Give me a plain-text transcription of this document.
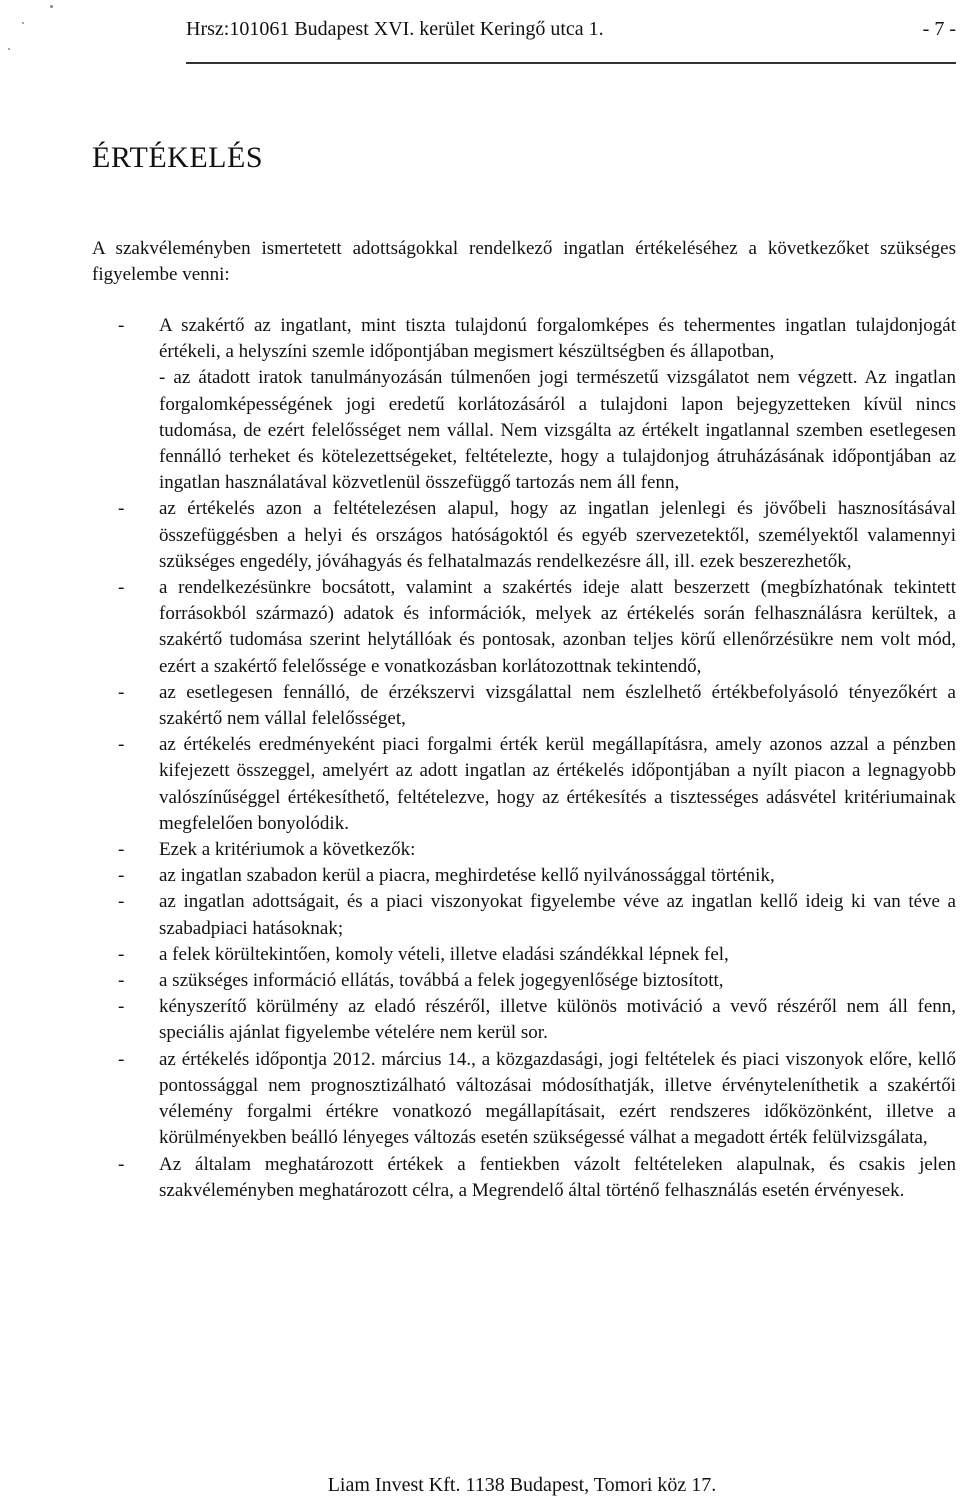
Hrsz:101061 Budapest XVI. kerület Keringő utca 1.	- 7 -
ÉRTÉKELÉS

A szakvéleményben ismertetett adottságokkal rendelkező ingatlan értékeléséhez a következőket szükséges figyelembe venni:

- A szakértő az ingatlant, mint tiszta tulajdonú forgalomképes és tehermentes ingatlan tulajdonjogát értékeli, a helyszíni szemle időpontjában megismert készültségben és állapotban,
- az átadott iratok tanulmányozásán túlmenően jogi természetű vizsgálatot nem végzett. Az ingatlan forgalomképességének jogi eredetű korlátozásáról a tulajdoni lapon bejegyzetteken kívül nincs tudomása, de ezért felelősséget nem vállal. Nem vizsgálta az értékelt ingatlannal szemben esetlegesen fennálló terheket és kötelezettségeket, feltételezte, hogy a tulajdonjog átruházásának időpontjában az ingatlan használatával közvetlenül összefüggő tartozás nem áll fenn,
- az értékelés azon a feltételezésen alapul, hogy az ingatlan jelenlegi és jövőbeli hasznosításával összefüggésben a helyi és országos hatóságoktól és egyéb szervezetektől, személyektől valamennyi szükséges engedély, jóváhagyás és felhatalmazás rendelkezésre áll, ill. ezek beszerezhetők,
- a rendelkezésünkre bocsátott, valamint a szakértés ideje alatt beszerzett (megbízhatónak tekintett forrásokból származó) adatok és információk, melyek az értékelés során felhasználásra kerültek, a szakértő tudomása szerint helytállóak és pontosak, azonban teljes körű ellenőrzésükre nem volt mód, ezért a szakértő felelőssége e vonatkozásban korlátozottnak tekintendő,
- az esetlegesen fennálló, de érzékszervi vizsgálattal nem észlelhető értékbefolyásoló tényezőkért a szakértő nem vállal felelősséget,
- az értékelés eredményeként piaci forgalmi érték kerül megállapításra, amely azonos azzal a pénzben kifejezett összeggel, amelyért az adott ingatlan az értékelés időpontjában a nyílt piacon a legnagyobb valószínűséggel értékesíthető, feltételezve, hogy az értékesítés a tisztességes adásvétel kritériumainak megfelelően bonyolódik.
- Ezek a kritériumok a következők:
- az ingatlan szabadon kerül a piacra, meghirdetése kellő nyilvánossággal történik,
- az ingatlan adottságait, és a piaci viszonyokat figyelembe véve az ingatlan kellő ideig ki van téve a szabadpiaci hatásoknak;
- a felek körültekintően, komoly vételi, illetve eladási szándékkal lépnek fel,
- a szükséges információ ellátás, továbbá a felek jogegyenlősége biztosított,
- kényszerítő körülmény az eladó részéről, illetve különös motiváció a vevő részéről nem áll fenn, speciális ajánlat figyelembe vételére nem kerül sor.
- az értékelés időpontja 2012. március 14., a közgazdasági, jogi feltételek és piaci viszonyok előre, kellő pontossággal nem prognosztizálható változásai módosíthatják, illetve érvényteleníthetik a szakértői vélemény forgalmi értékre vonatkozó megállapításait, ezért rendszeres időközönként, illetve a körülményekben beálló lényeges változás esetén szükségessé válhat a megadott érték felülvizsgálata,
- Az általam meghatározott értékek a fentiekben vázolt feltételeken alapulnak, és csakis jelen szakvéleményben meghatározott célra, a Megrendelő által történő felhasználás esetén érvényesek.
Liam Invest Kft. 1138 Budapest, Tomori köz 17.
